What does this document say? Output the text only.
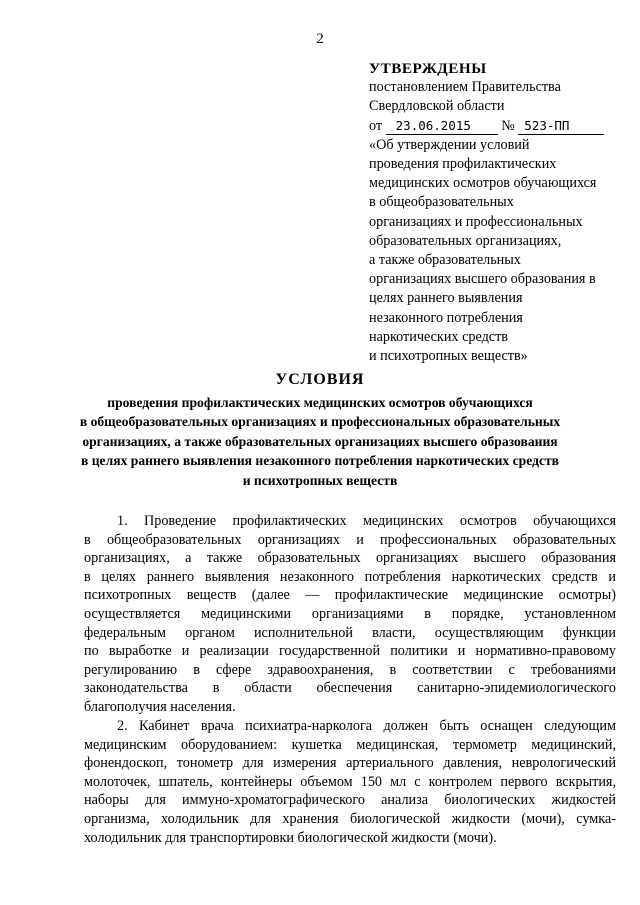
2
УТВЕРЖДЕНЫ
постановлением Правительства
Свердловской области
от 23.06.2015 № 523-ПП
«Об утверждении условий
проведения профилактических
медицинских осмотров обучающихся
в общеобразовательных
организациях и профессиональных
образовательных организациях,
а также образовательных
организациях высшего образования в
целях раннего выявления
незаконного потребления
наркотических средств
и психотропных веществ»
УСЛОВИЯ
проведения профилактических медицинских осмотров обучающихся
в общеобразовательных организациях и профессиональных образовательных
организациях, а также образовательных организациях высшего образования
в целях раннего выявления незаконного потребления наркотических средств
и психотропных веществ
1. Проведение профилактических медицинских осмотров обучающихся
в общеобразовательных организациях и профессиональных образовательных
организациях, а также образовательных организациях высшего образования
в целях раннего выявления незаконного потребления наркотических средств и
психотропных веществ (далее — профилактические медицинские осмотры)
осуществляется медицинскими организациями в порядке, установленном
федеральным органом исполнительной власти, осуществляющим функции
по выработке и реализации государственной политики и нормативно-правовому
регулированию в сфере здравоохранения, в соответствии с требованиями
законодательства в области обеспечения санитарно-эпидемиологического
благополучия населения.
2. Кабинет врача психиатра-нарколога должен быть оснащен следующим
медицинским оборудованием: кушетка медицинская, термометр медицинский,
фонендоскоп, тонометр для измерения артериального давления, неврологический
молоточек, шпатель, контейнеры объемом 150 мл с контролем первого вскрытия,
наборы для иммуно-хроматографического анализа биологических жидкостей
организма, холодильник для хранения биологической жидкости (мочи), сумка-
холодильник для транспортировки биологической жидкости (мочи).
